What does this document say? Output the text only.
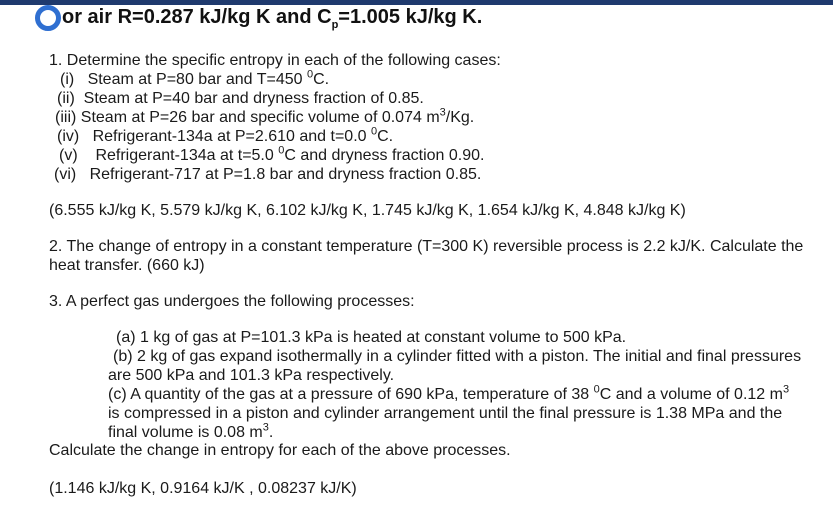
or air R=0.287 kJ/kg K and $C_p=1.005$ kJ/kg K.
1. Determine the specific entropy in each of the following cases:
(i) Steam at P=80 bar and T=450 $^0$C.
(ii) Steam at P=40 bar and dryness fraction of 0.85.
(iii) Steam at P=26 bar and specific volume of 0.074 $m^3/Kg$.
(iv) Refrigerant-134a at P=2.610 and t=0.0 $^0$C.
(v) Refrigerant-134a at t=5.0 $^0$C and dryness fraction 0.90.
(vi) Refrigerant-717 at P=1.8 bar and dryness fraction 0.85.
(6.555 kJ/kg K, 5.579 kJ/kg K, 6.102 kJ/kg K, 1.745 kJ/kg K, 1.654 kJ/kg K, 4.848 kJ/kg K)
2. The change of entropy in a constant temperature (T=300 K) reversible process is 2.2 kJ/K. Calculate the
heat transfer. (660 kJ)
3. A perfect gas undergoes the following processes:
(a) 1 kg of gas at P=101.3 kPa is heated at constant volume to 500 kPa.
(b) 2 kg of gas expand isothermally in a cylinder fitted with a piston. The initial and final pressures
are 500 kPa and 101.3 kPa respectively.
(c) A quantity of the gas at a pressure of 690 kPa, temperature of 38 $^0$C and a volume of 0.12 $m^3$
is compressed in a piston and cylinder arrangement until the final pressure is 1.38 MPa and the
final volume is 0.08 $m^3$.
Calculate the change in entropy for each of the above processes.
(1.146 kJ/kg K, 0.9164 kJ/K , 0.08237 kJ/K)
